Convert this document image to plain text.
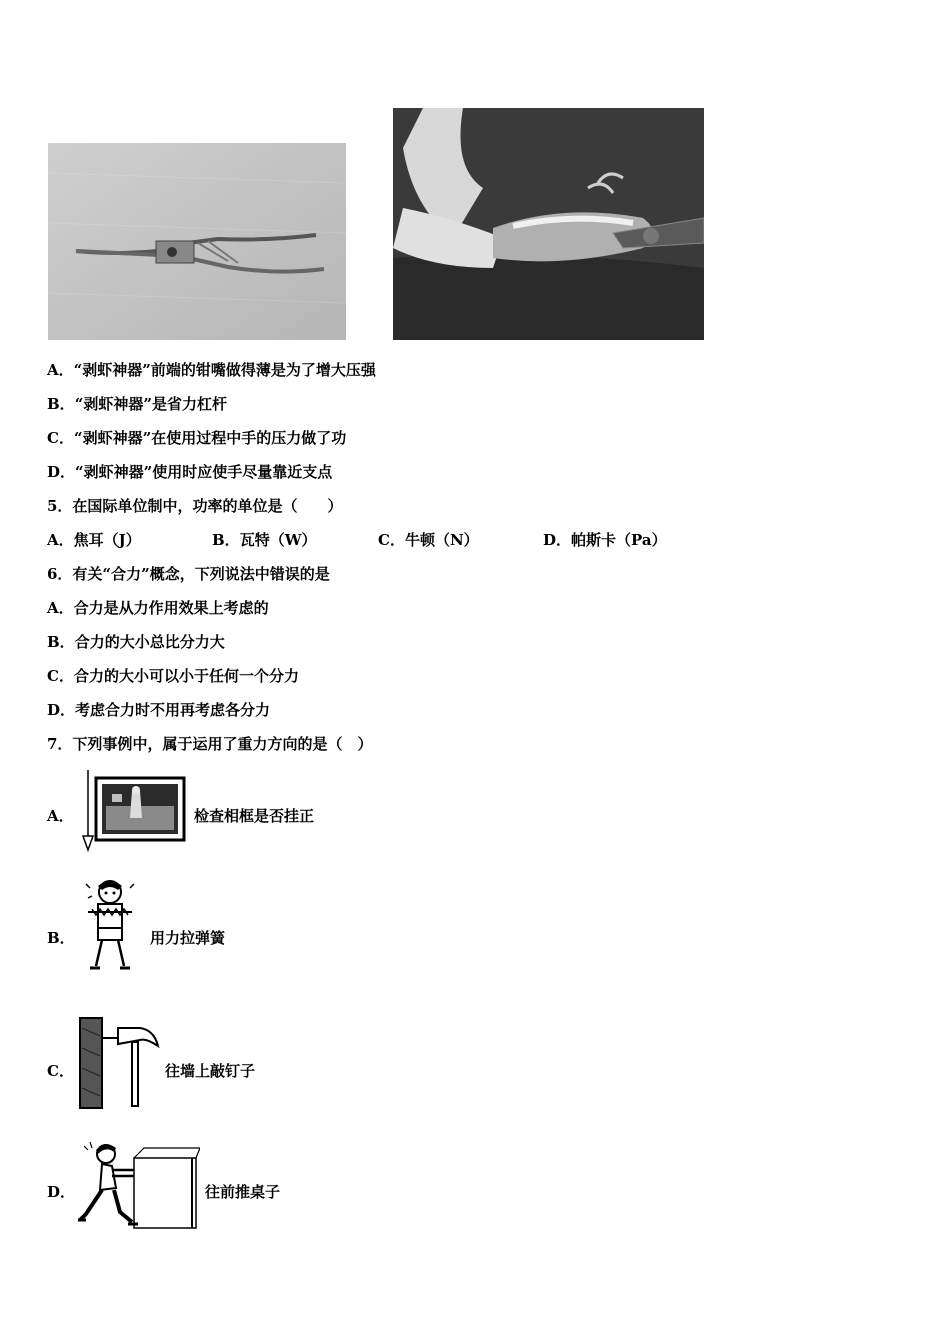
A．“剥虾神器”前端的钳嘴做得薄是为了增大压强
B．“剥虾神器”是省力杠杆
C．“剥虾神器”在使用过程中手的压力做了功
D．“剥虾神器”使用时应使手尽量靠近支点
5．在国际单位制中，功率的单位是（　　）
A．焦耳（J）	B．瓦特（W）	C．牛顿（N）	D．帕斯卡（Pa）
6．有关“合力”概念，下列说法中错误的是
A．合力是从力作用效果上考虑的
B．合力的大小总比分力大
C．合力的大小可以小于任何一个分力
D．考虑合力时不用再考虑各分力
7．下列事例中，属于运用了重力方向的是（　）
A．	检查相框是否挂正
B．	用力拉弹簧
C．	往墙上敲钉子
D．	往前推桌子
